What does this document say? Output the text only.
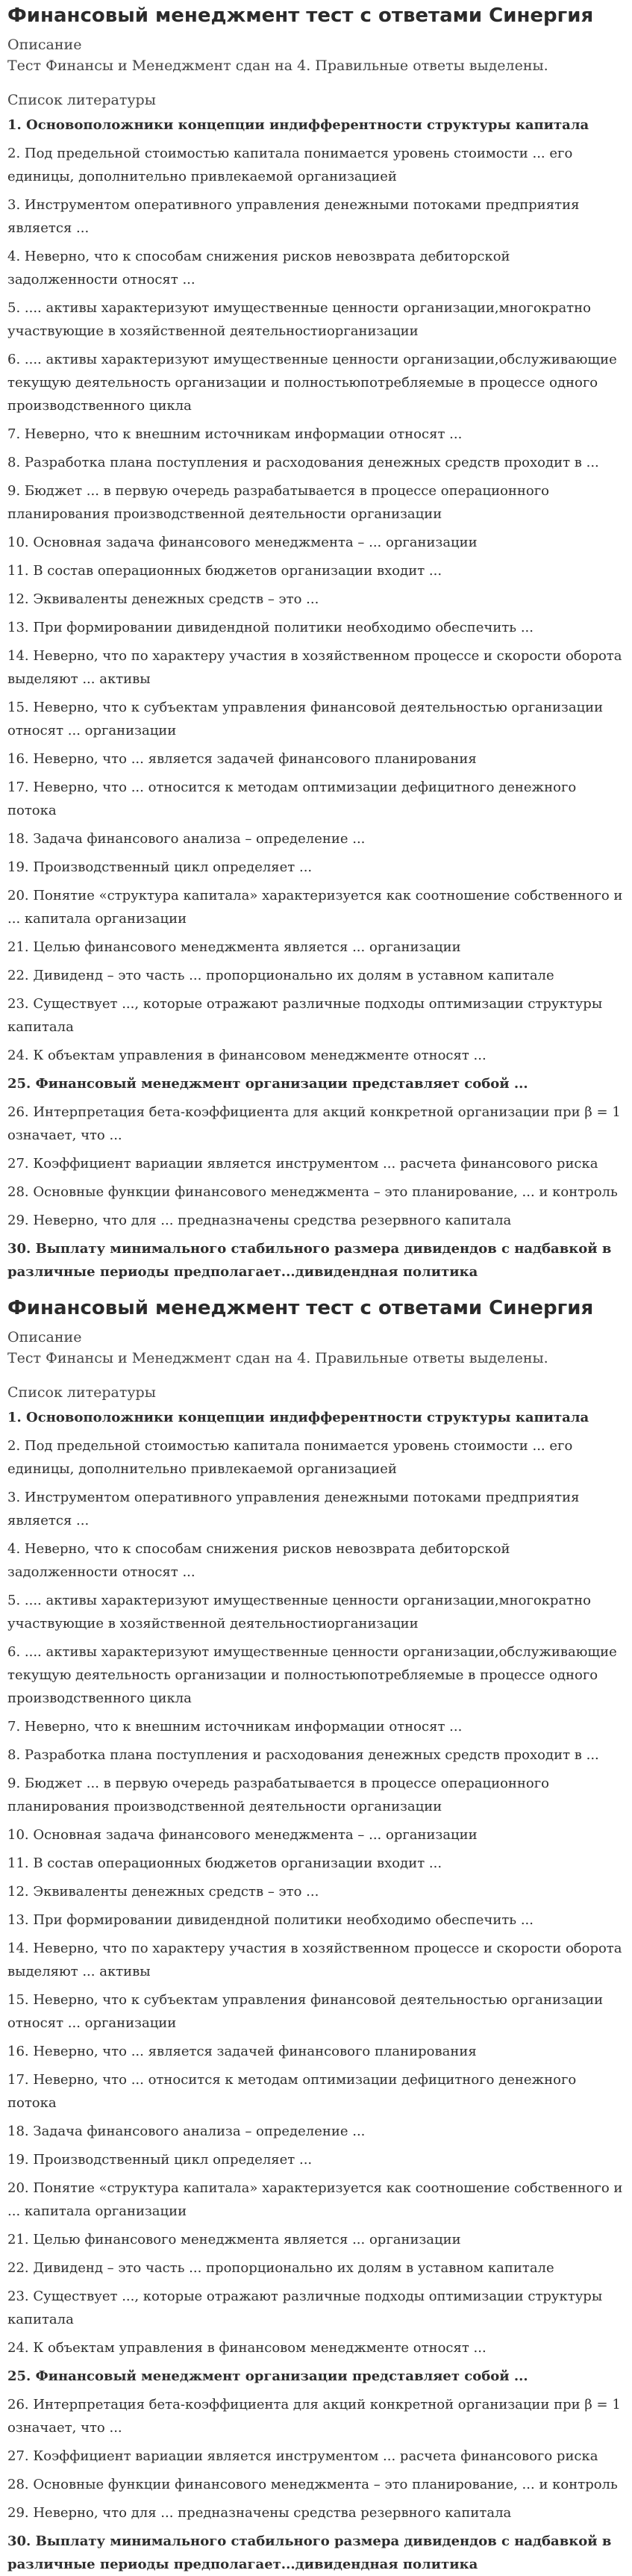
Финансовый менеджмент тест с ответами Синергия
Описание
Тест Финансы и Менеджмент сдан на 4. Правильные ответы выделены.
Список литературы
1. Основоположники концепции индифферентности структуры капитала
2. Под предельной стоимостью капитала понимается уровень стоимости ... его единицы, дополнительно привлекаемой организацией
3. Инструментом оперативного управления денежными потоками предприятия является ...
4. Неверно, что к способам снижения рисков невозврата дебиторской задолженности относят ...
5. .... активы характеризуют имущественные ценности организации,многократно участвующие в хозяйственной деятельностиорганизации
6. .... активы характеризуют имущественные ценности организации,обслуживающие текущую деятельность организации и полностьюпотребляемые в процессе одного производственного цикла
7. Неверно, что к внешним источникам информации относят ...
8. Разработка плана поступления и расходования денежных средств проходит в ...
9. Бюджет ... в первую очередь разрабатывается в процессе операционного планирования производственной деятельности организации
10. Основная задача финансового менеджмента – ... организации
11. В состав операционных бюджетов организации входит ...
12. Эквиваленты денежных средств – это ...
13. При формировании дивидендной политики необходимо обеспечить ...
14. Неверно, что по характеру участия в хозяйственном процессе и скорости оборота выделяют ... активы
15. Неверно, что к субъектам управления финансовой деятельностью организации относят ... организации
16. Неверно, что ... является задачей финансового планирования
17. Неверно, что ... относится к методам оптимизации дефицитного денежного потока
18. Задача финансового анализа – определение ...
19. Производственный цикл определяет ...
20. Понятие «структура капитала» характеризуется как соотношение собственного и ... капитала организации
21. Целью финансового менеджмента является ... организации
22. Дивиденд – это часть ... пропорционально их долям в уставном капитале
23. Существует ..., которые отражают различные подходы оптимизации структуры капитала
24. К объектам управления в финансовом менеджменте относят ...
25. Финансовый менеджмент организации представляет собой ...
26. Интерпретация бета-коэффициента для акций конкретной организации при β = 1 означает, что ...
27. Коэффициент вариации является инструментом ... расчета финансового риска
28. Основные функции финансового менеджмента – это планирование, ... и контроль
29. Неверно, что для ... предназначены средства резервного капитала
30. Выплату минимального стабильного размера дивидендов с надбавкой в различные периоды предполагает...дивидендная политика
Финансовый менеджмент тест с ответами Синергия
Описание
Тест Финансы и Менеджмент сдан на 4. Правильные ответы выделены.
Список литературы
1. Основоположники концепции индифферентности структуры капитала
2. Под предельной стоимостью капитала понимается уровень стоимости ... его единицы, дополнительно привлекаемой организацией
3. Инструментом оперативного управления денежными потоками предприятия является ...
4. Неверно, что к способам снижения рисков невозврата дебиторской задолженности относят ...
5. .... активы характеризуют имущественные ценности организации,многократно участвующие в хозяйственной деятельностиорганизации
6. .... активы характеризуют имущественные ценности организации,обслуживающие текущую деятельность организации и полностьюпотребляемые в процессе одного производственного цикла
7. Неверно, что к внешним источникам информации относят ...
8. Разработка плана поступления и расходования денежных средств проходит в ...
9. Бюджет ... в первую очередь разрабатывается в процессе операционного планирования производственной деятельности организации
10. Основная задача финансового менеджмента – ... организации
11. В состав операционных бюджетов организации входит ...
12. Эквиваленты денежных средств – это ...
13. При формировании дивидендной политики необходимо обеспечить ...
14. Неверно, что по характеру участия в хозяйственном процессе и скорости оборота выделяют ... активы
15. Неверно, что к субъектам управления финансовой деятельностью организации относят ... организации
16. Неверно, что ... является задачей финансового планирования
17. Неверно, что ... относится к методам оптимизации дефицитного денежного потока
18. Задача финансового анализа – определение ...
19. Производственный цикл определяет ...
20. Понятие «структура капитала» характеризуется как соотношение собственного и ... капитала организации
21. Целью финансового менеджмента является ... организации
22. Дивиденд – это часть ... пропорционально их долям в уставном капитале
23. Существует ..., которые отражают различные подходы оптимизации структуры капитала
24. К объектам управления в финансовом менеджменте относят ...
25. Финансовый менеджмент организации представляет собой ...
26. Интерпретация бета-коэффициента для акций конкретной организации при β = 1 означает, что ...
27. Коэффициент вариации является инструментом ... расчета финансового риска
28. Основные функции финансового менеджмента – это планирование, ... и контроль
29. Неверно, что для ... предназначены средства резервного капитала
30. Выплату минимального стабильного размера дивидендов с надбавкой в различные периоды предполагает...дивидендная политика
